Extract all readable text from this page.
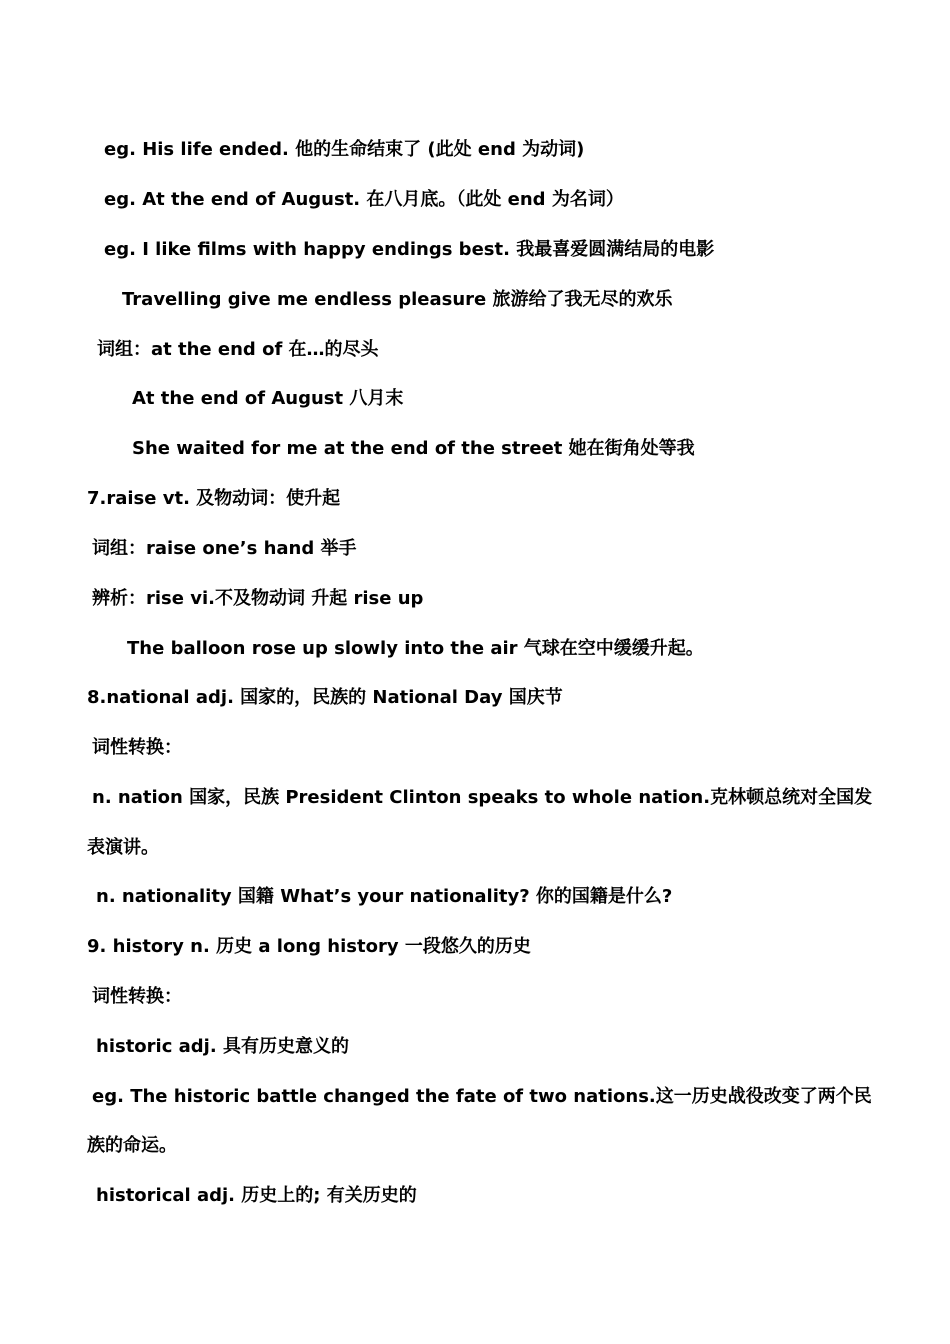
eg. His life ended. 他的生命结束了 (此处 end 为动词)
eg. At the end of August. 在八月底。（此处 end 为名词）
eg. I like films with happy endings best. 我最喜爱圆满结局的电影
Travelling give me endless pleasure 旅游给了我无尽的欢乐
词组：at the end of 在…的尽头
At the end of August 八月末
She waited for me at the end of the street 她在街角处等我
7.raise vt. 及物动词：使升起
词组：raise one’s hand 举手
辨析：rise vi.不及物动词 升起 rise up
The balloon rose up slowly into the air 气球在空中缓缓升起。
8.national adj. 国家的，民族的 National Day 国庆节
词性转换：
n. nation 国家，民族 President Clinton speaks to whole nation.克林顿总统对全国发
表演讲。
n. nationality 国籍 What’s your nationality? 你的国籍是什么?
9. history n. 历史 a long history 一段悠久的历史
词性转换：
historic adj. 具有历史意义的
eg. The historic battle changed the fate of two nations.这一历史战役改变了两个民
族的命运。
historical adj. 历史上的; 有关历史的
